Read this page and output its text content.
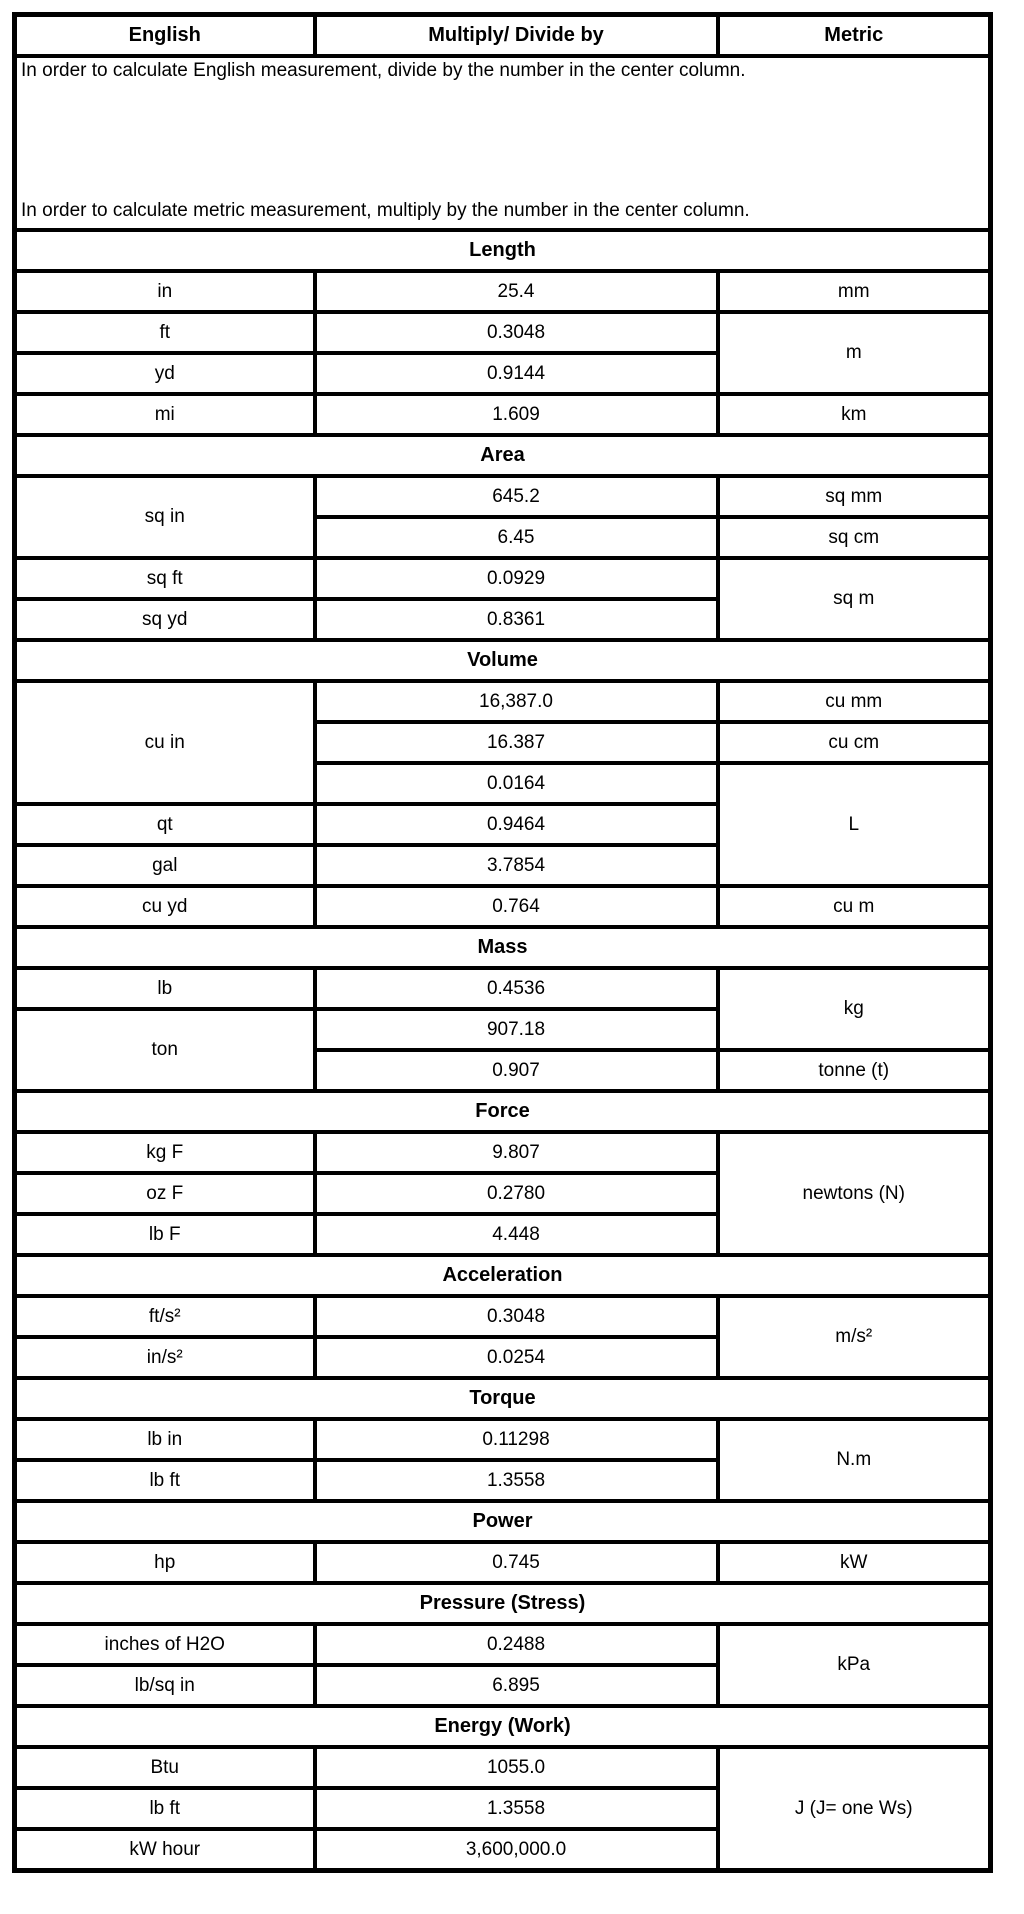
English	Multiply/ Divide by	Metric

In order to calculate English measurement, divide by the number in the center column.
In order to calculate metric measurement, multiply by the number in the center column.		

Length		
in	25.4	mm
ft	0.3048	m
yd	0.9144	
mi	1.609	km
Area		
sq in	645.2	sq mm
	6.45	sq cm
sq ft	0.0929	sq m
sq yd	0.8361	
Volume		
cu in	16,387.0	cu mm
	16.387	cu cm
	0.0164	L
qt	0.9464	
gal	3.7854	
cu yd	0.764	cu m
Mass		
lb	0.4536	kg
ton	907.18	
	0.907	tonne (t)
Force		
kg F	9.807	newtons (N)
oz F	0.2780	
lb F	4.448	
Acceleration		
ft/s²	0.3048	m/s²
in/s²	0.0254	
Torque		
lb in	0.11298	N.m
lb ft	1.3558	
Power		
hp	0.745	kW
Pressure (Stress)		
inches of H2O	0.2488	kPa
lb/sq in	6.895	
Energy (Work)		
Btu	1055.0	J (J= one Ws)
lb ft	1.3558	
kW hour	3,600,000.0	
